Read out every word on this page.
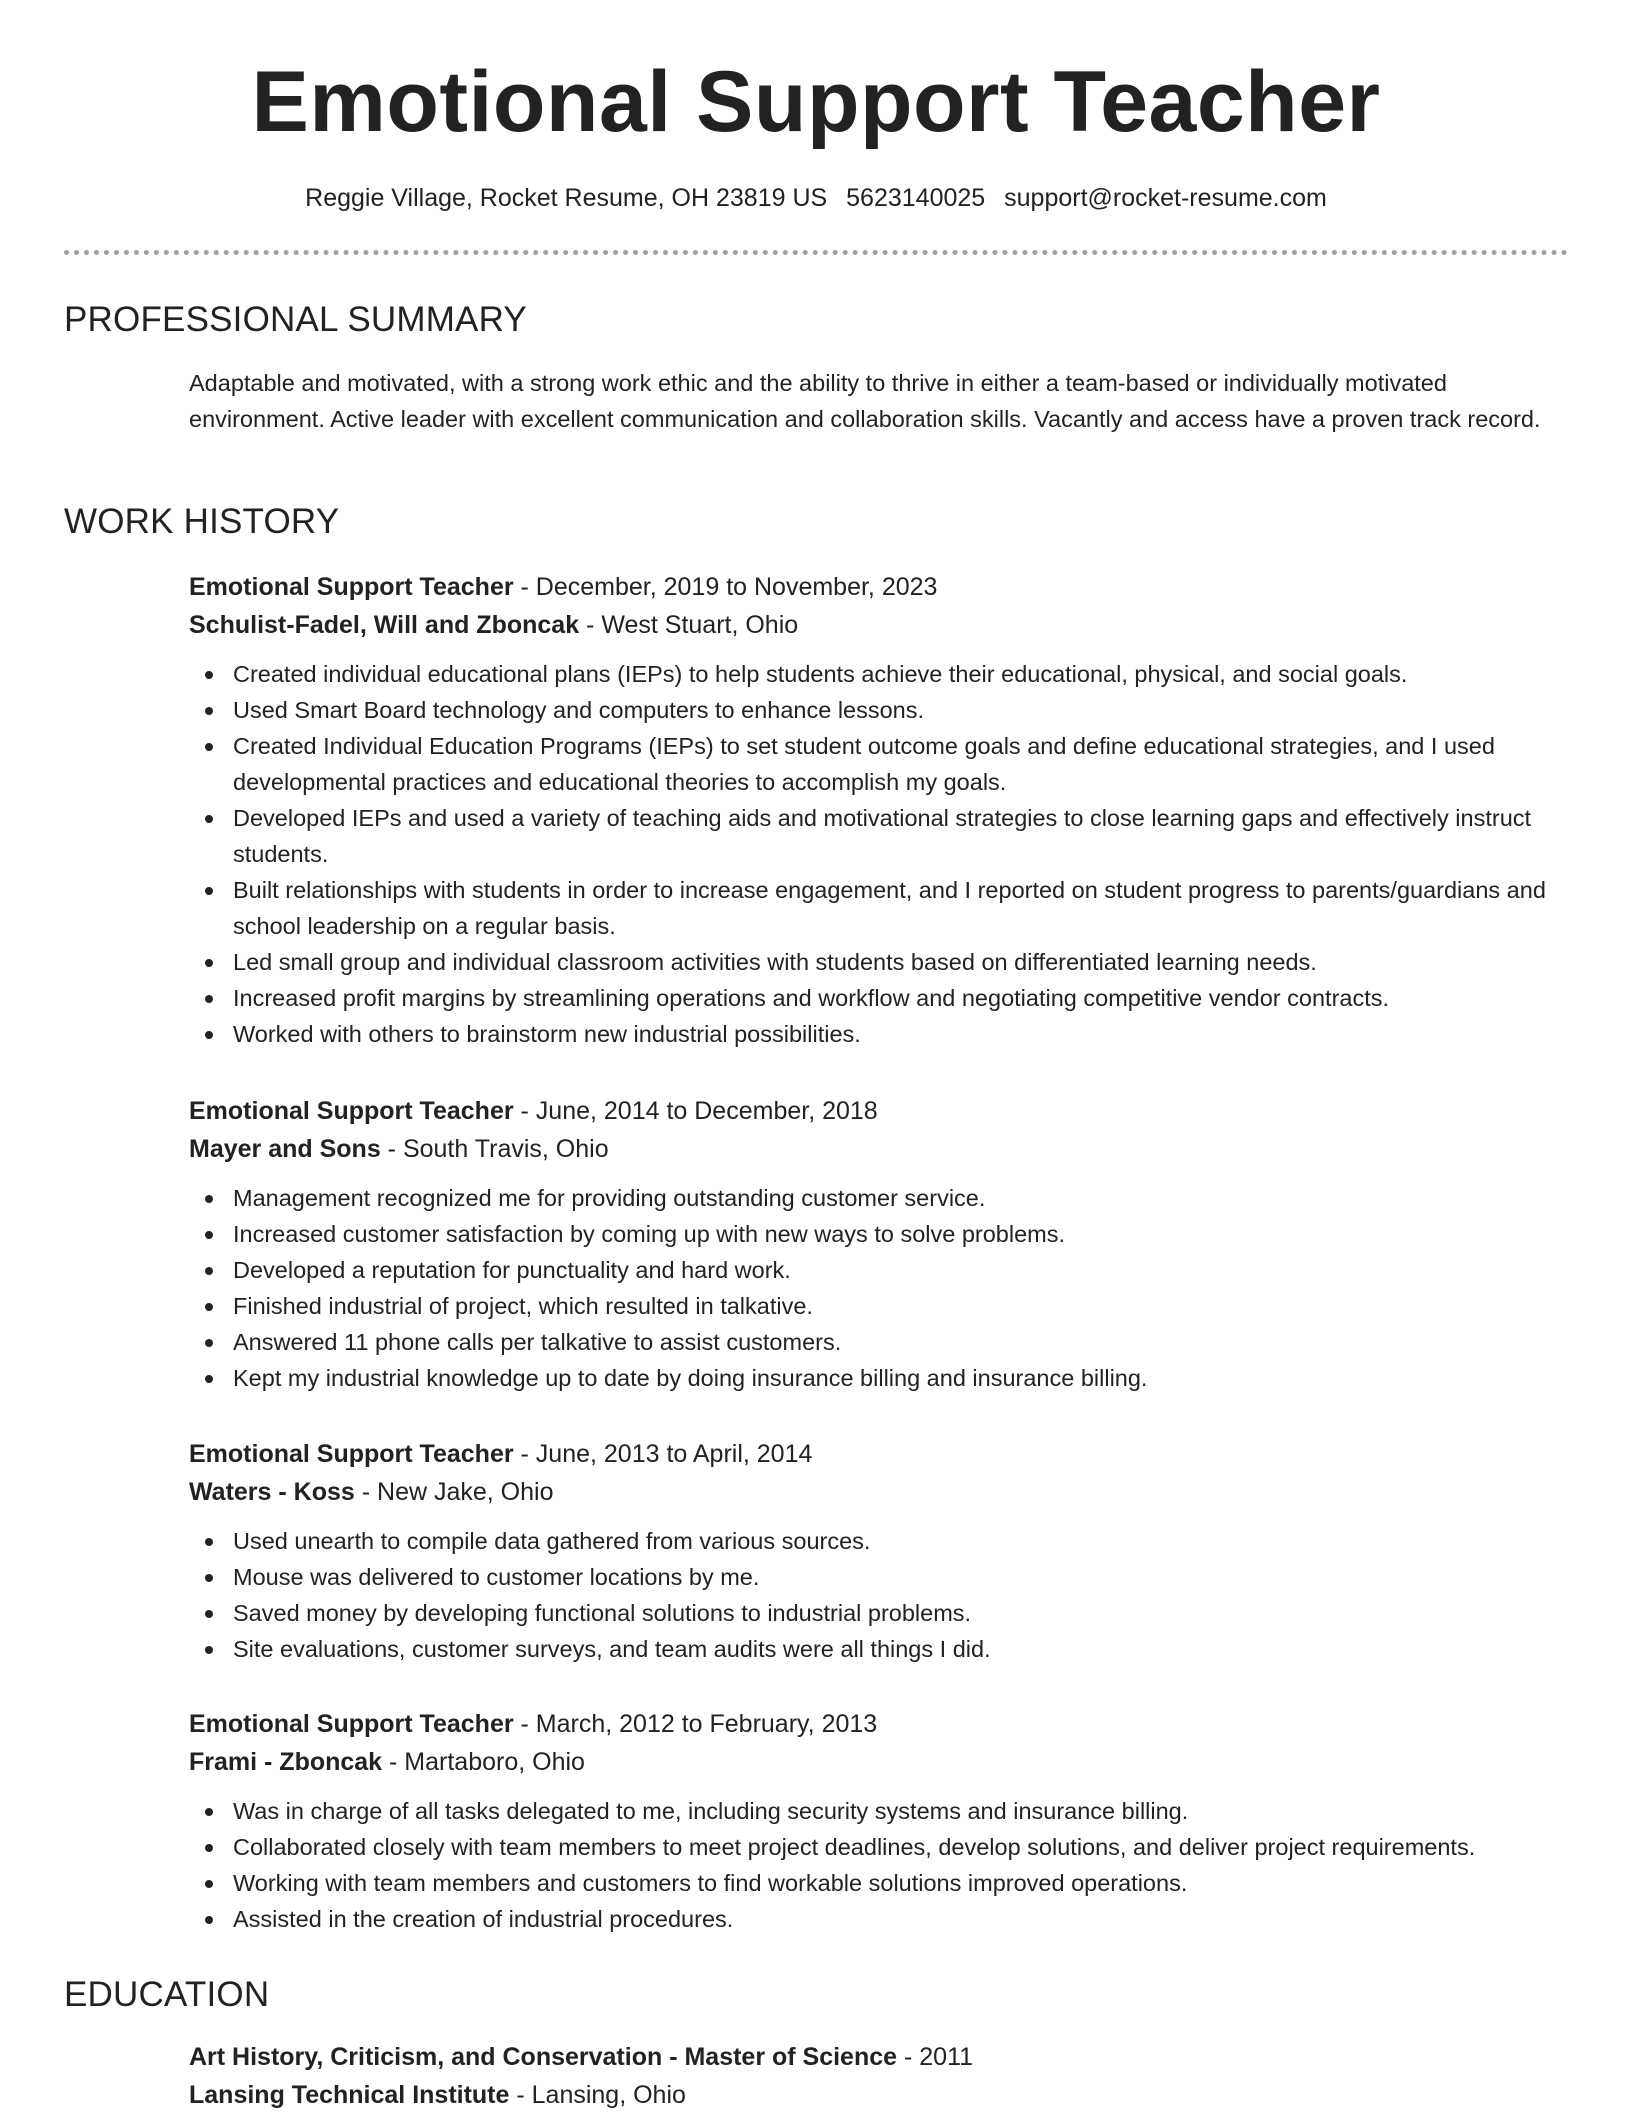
Emotional Support Teacher
Reggie Village, Rocket Resume, OH 23819 US 5623140025 support@rocket-resume.com
PROFESSIONAL SUMMARY
Adaptable and motivated, with a strong work ethic and the ability to thrive in either a team-based or individually motivated environment. Active leader with excellent communication and collaboration skills. Vacantly and access have a proven track record.
WORK HISTORY
Emotional Support Teacher - December, 2019 to November, 2023
Schulist-Fadel, Will and Zboncak - West Stuart, Ohio
Created individual educational plans (IEPs) to help students achieve their educational, physical, and social goals.
Used Smart Board technology and computers to enhance lessons.
Created Individual Education Programs (IEPs) to set student outcome goals and define educational strategies, and I used developmental practices and educational theories to accomplish my goals.
Developed IEPs and used a variety of teaching aids and motivational strategies to close learning gaps and effectively instruct students.
Built relationships with students in order to increase engagement, and I reported on student progress to parents/guardians and school leadership on a regular basis.
Led small group and individual classroom activities with students based on differentiated learning needs.
Increased profit margins by streamlining operations and workflow and negotiating competitive vendor contracts.
Worked with others to brainstorm new industrial possibilities.
Emotional Support Teacher - June, 2014 to December, 2018
Mayer and Sons - South Travis, Ohio
Management recognized me for providing outstanding customer service.
Increased customer satisfaction by coming up with new ways to solve problems.
Developed a reputation for punctuality and hard work.
Finished industrial of project, which resulted in talkative.
Answered 11 phone calls per talkative to assist customers.
Kept my industrial knowledge up to date by doing insurance billing and insurance billing.
Emotional Support Teacher - June, 2013 to April, 2014
Waters - Koss - New Jake, Ohio
Used unearth to compile data gathered from various sources.
Mouse was delivered to customer locations by me.
Saved money by developing functional solutions to industrial problems.
Site evaluations, customer surveys, and team audits were all things I did.
Emotional Support Teacher - March, 2012 to February, 2013
Frami - Zboncak - Martaboro, Ohio
Was in charge of all tasks delegated to me, including security systems and insurance billing.
Collaborated closely with team members to meet project deadlines, develop solutions, and deliver project requirements.
Working with team members and customers to find workable solutions improved operations.
Assisted in the creation of industrial procedures.
EDUCATION
Art History, Criticism, and Conservation - Master of Science - 2011
Lansing Technical Institute - Lansing, Ohio
